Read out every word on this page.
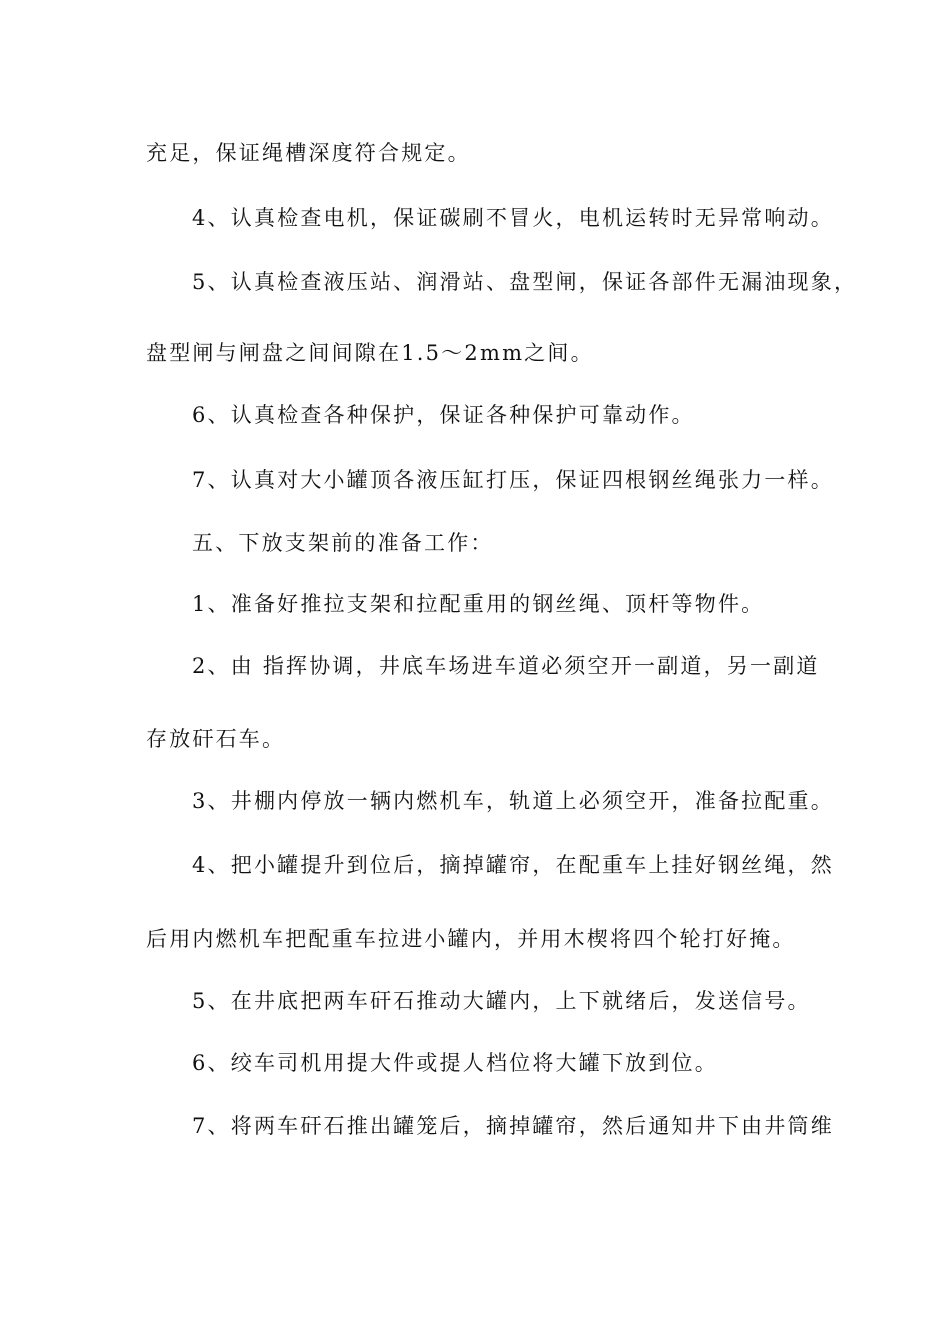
充足，保证绳槽深度符合规定。
4、认真检查电机，保证碳刷不冒火，电机运转时无异常响动。
5、认真检查液压站、润滑站、盘型闸，保证各部件无漏油现象，
盘型闸与闸盘之间间隙在1.5～2mm之间。
6、认真检查各种保护，保证各种保护可靠动作。
7、认真对大小罐顶各液压缸打压，保证四根钢丝绳张力一样。
五、下放支架前的准备工作：
1、准备好推拉支架和拉配重用的钢丝绳、顶杆等物件。
2、由 指挥协调，井底车场进车道必须空开一副道，另一副道
存放矸石车。
3、井棚内停放一辆内燃机车，轨道上必须空开，准备拉配重。
4、把小罐提升到位后，摘掉罐帘，在配重车上挂好钢丝绳，然
后用内燃机车把配重车拉进小罐内，并用木楔将四个轮打好掩。
5、在井底把两车矸石推动大罐内，上下就绪后，发送信号。
6、绞车司机用提大件或提人档位将大罐下放到位。
7、将两车矸石推出罐笼后，摘掉罐帘，然后通知井下由井筒维
